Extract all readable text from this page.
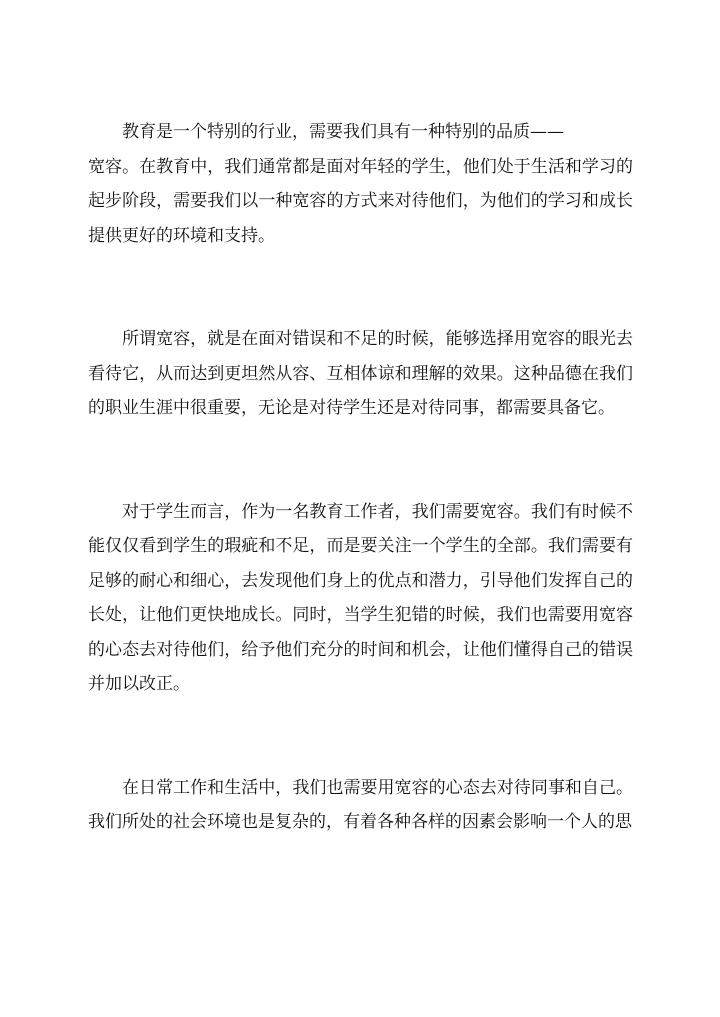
教育是一个特别的行业，需要我们具有一种特别的品质——
宽容。在教育中，我们通常都是面对年轻的学生，他们处于生活和学习的起步阶段，需要我们以一种宽容的方式来对待他们，为他们的学习和成长提供更好的环境和支持。

所谓宽容，就是在面对错误和不足的时候，能够选择用宽容的眼光去看待它，从而达到更坦然从容、互相体谅和理解的效果。这种品德在我们的职业生涯中很重要，无论是对待学生还是对待同事，都需要具备它。

对于学生而言，作为一名教育工作者，我们需要宽容。我们有时候不能仅仅看到学生的瑕疵和不足，而是要关注一个学生的全部。我们需要有足够的耐心和细心，去发现他们身上的优点和潜力，引导他们发挥自己的长处，让他们更快地成长。同时，当学生犯错的时候，我们也需要用宽容的心态去对待他们，给予他们充分的时间和机会，让他们懂得自己的错误并加以改正。

在日常工作和生活中，我们也需要用宽容的心态去对待同事和自己。我们所处的社会环境也是复杂的，有着各种各样的因素会影响一个人的思
